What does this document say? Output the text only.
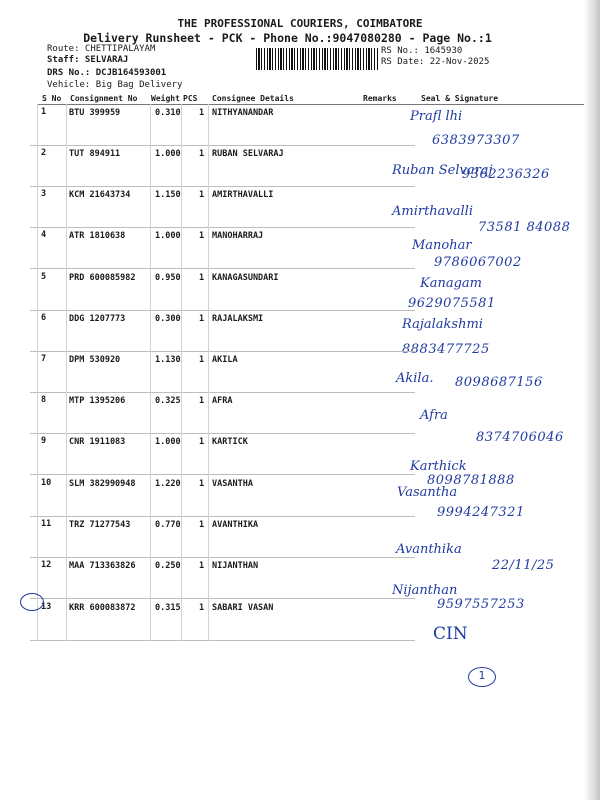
THE PROFESSIONAL COURIERS, COIMBATORE
Delivery Runsheet - PCK - Phone No.:9047080280 - Page No.:1
Route: CHETTIPALAYAM
Staff: SELVARAJ
DRS No.: DCJB164593001
Vehicle: Big Bag Delivery
RS No.: 1645930
RS Date: 22-Nov-2025
S No Consignment No Weight PCS Consignee Details	Remarks	Seal & Signature
1	BTU 399959	0.310 1 NITHYANANDAR	Prafl lhi
6383973307
2	TUT 894911	1.000 1 RUBAN SELVARAJ
Ruban Selvaraj
9362236326
3	KCM 21643734	1.150 1 AMIRTHAVALLI
Amirthavalli
73581 84088
4	ATR 1810638	1.000 1 MANOHARRAJ
Manohar
9786067002
5	PRD 600085982 0.950 1 KANAGASUNDARI	Kanagam
9629075581
6	DDG 1207773	0.300 1 RAJALAKSMI	Rajalakshmi
8883477725
7	DPM 530920	1.130 1 AKILA
Akila. 8098687156
8	MTP 1395206	0.325 1 AFRA
Afra
8374706046
9	CNR 1911083	1.000 1 KARTICK
Karthick
8098781888
10 SLM 382990948 1.220 1 VASANTHA
Vasantha
9994247321
11 TRZ 71277543	0.770 1 AVANTHIKA
Avanthika
22/11/25
12 MAA 713363826 0.250 1 NIJANTHAN
Nijanthan
9597557253
13 KRR 600083872 0.315 1 SABARI VASAN
CIN
1
